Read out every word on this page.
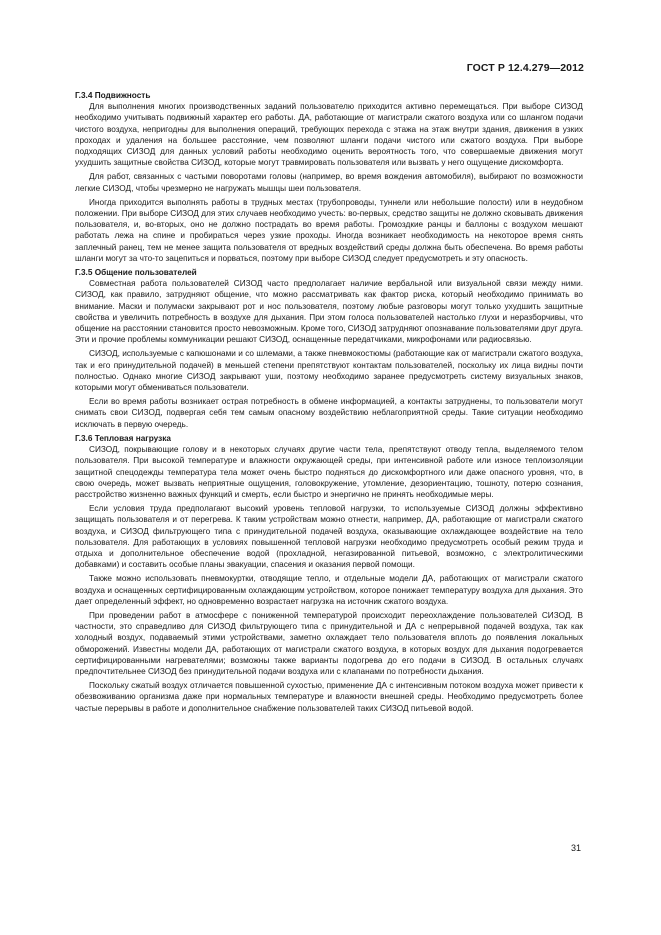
ГОСТ Р 12.4.279—2012
Г.3.4 Подвижность

Для выполнения многих производственных заданий пользователю приходится активно перемещаться. При выборе СИЗОД необходимо учитывать подвижный характер его работы. ДА, работающие от магистрали сжатого воздуха или со шлангом подачи чистого воздуха, непригодны для выполнения операций, требующих перехода с этажа на этаж внутри здания, движения в узких проходах и удаления на большее расстояние, чем позволяют шланги подачи чистого или сжатого воздуха. При выборе подходящих СИЗОД для данных условий работы необходимо оценить вероятность того, что совершаемые движения могут ухудшить защитные свойства СИЗОД, которые могут травмировать пользователя или вызвать у него ощущение дискомфорта.

Для работ, связанных с частыми поворотами головы (например, во время вождения автомобиля), выбирают по возможности легкие СИЗОД, чтобы чрезмерно не нагружать мышцы шеи пользователя.

Иногда приходится выполнять работы в трудных местах (трубопроводы, туннели или небольшие полости) или в неудобном положении. При выборе СИЗОД для этих случаев необходимо учесть: во-первых, средство защиты не должно сковывать движения пользователя, и, во-вторых, оно не должно пострадать во время работы. Громоздкие ранцы и баллоны с воздухом мешают работать лежа на спине и пробираться через узкие проходы. Иногда возникает необходимость на некоторое время снять заплечный ранец, тем не менее защита пользователя от вредных воздействий среды должна быть обеспечена. Во время работы шланги могут за что-то зацепиться и порваться, поэтому при выборе СИЗОД следует предусмотреть и эту опасность.

Г.3.5 Общение пользователей

Совместная работа пользователей СИЗОД часто предполагает наличие вербальной или визуальной связи между ними. СИЗОД, как правило, затрудняют общение, что можно рассматривать как фактор риска, который необходимо принимать во внимание. Маски и полумаски закрывают рот и нос пользователя, поэтому любые разговоры могут только ухудшить защитные свойства и увеличить потребность в воздухе для дыхания. При этом голоса пользователей настолько глухи и неразборчивы, что общение на расстоянии становится просто невозможным. Кроме того, СИЗОД затрудняют опознавание пользователями друг друга. Эти и прочие проблемы коммуникации решают СИЗОД, оснащенные передатчиками, микрофонами или радиосвязью.

СИЗОД, используемые с капюшонами и со шлемами, а также пневмокостюмы (работающие как от магистрали сжатого воздуха, так и его принудительной подачей) в меньшей степени препятствуют контактам пользователей, поскольку их лица видны почти полностью. Однако многие СИЗОД закрывают уши, поэтому необходимо заранее предусмотреть систему визуальных знаков, которыми могут обмениваться пользователи.

Если во время работы возникает острая потребность в обмене информацией, а контакты затруднены, то пользователи могут снимать свои СИЗОД, подвергая себя тем самым опасному воздействию неблагоприятной среды. Такие ситуации необходимо исключать в первую очередь.

Г.3.6 Тепловая нагрузка

СИЗОД, покрывающие голову и в некоторых случаях другие части тела, препятствуют отводу тепла, выделяемого телом пользователя. При высокой температуре и влажности окружающей среды, при интенсивной работе или износе теплоизоляции защитной спецодежды температура тела может очень быстро подняться до дискомфортного или даже опасного уровня, что, в свою очередь, может вызвать неприятные ощущения, головокружение, утомление, дезориентацию, тошноту, потерю сознания, расстройство жизненно важных функций и смерть, если быстро и энергично не принять необходимые меры.

Если условия труда предполагают высокий уровень тепловой нагрузки, то используемые СИЗОД должны эффективно защищать пользователя и от перегрева. К таким устройствам можно отнести, например, ДА, работающие от магистрали сжатого воздуха, и СИЗОД фильтрующего типа с принудительной подачей воздуха, оказывающие охлаждающее воздействие на тело пользователя. Для работающих в условиях повышенной тепловой нагрузки необходимо предусмотреть особый режим труда и отдыха и дополнительное обеспечение водой (прохладной, негазированной питьевой, возможно, с электролитическими добавками) и составить особые планы эвакуации, спасения и оказания первой помощи.

Также можно использовать пневмокуртки, отводящие тепло, и отдельные модели ДА, работающих от магистрали сжатого воздуха и оснащенных сертифицированным охлаждающим устройством, которое понижает температуру воздуха для дыхания. Это дает определенный эффект, но одновременно возрастает нагрузка на источник сжатого воздуха.

При проведении работ в атмосфере с пониженной температурой происходит переохлаждение пользователей СИЗОД. В частности, это справедливо для СИЗОД фильтрующего типа с принудительной и ДА с непрерывной подачей воздуха, так как холодный воздух, подаваемый этими устройствами, заметно охлаждает тело пользователя вплоть до появления локальных обморожений. Известны модели ДА, работающих от магистрали сжатого воздуха, в которых воздух для дыхания подогревается сертифицированными нагревателями; возможны также варианты подогрева до его подачи в СИЗОД. В остальных случаях предпочтительнее СИЗОД без принудительной подачи воздуха или с клапанами по потребности дыхания.

Поскольку сжатый воздух отличается повышенной сухостью, применение ДА с интенсивным потоком воздуха может привести к обезвоживанию организма даже при нормальных температуре и влажности внешней среды. Необходимо предусмотреть более частые перерывы в работе и дополнительное снабжение пользователей таких СИЗОД питьевой водой.

31
